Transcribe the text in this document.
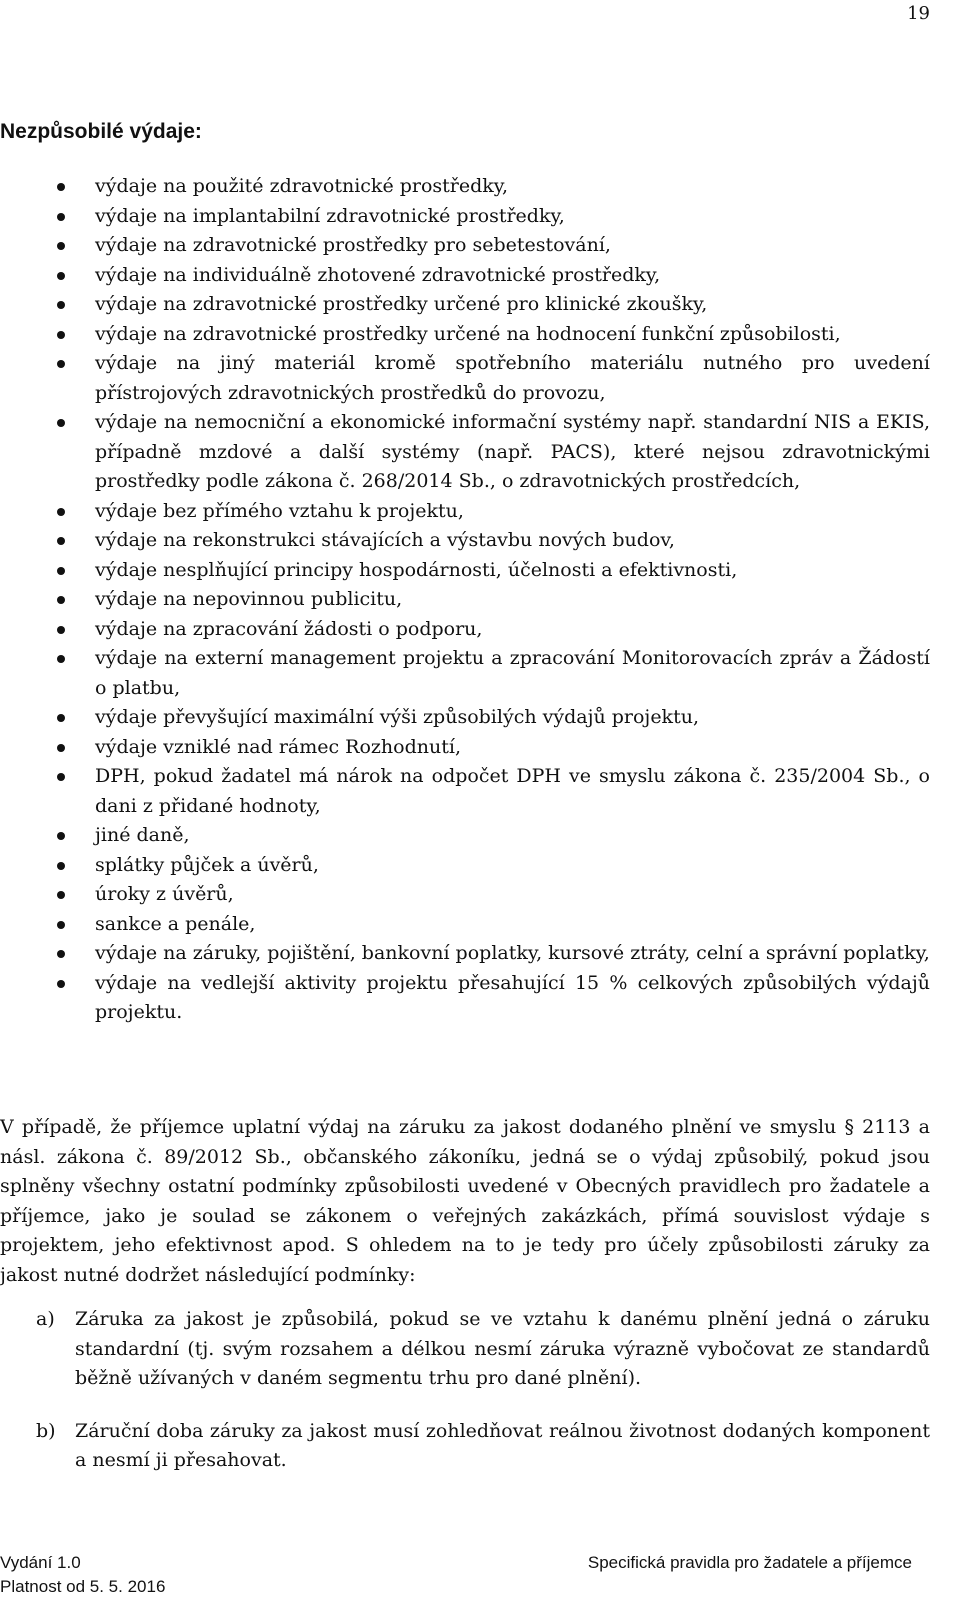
19
Nezpůsobilé výdaje:
výdaje na použité zdravotnické prostředky,
výdaje na implantabilní zdravotnické prostředky,
výdaje na zdravotnické prostředky pro sebetestování,
výdaje na individuálně zhotovené zdravotnické prostředky,
výdaje na zdravotnické prostředky určené pro klinické zkoušky,
výdaje na zdravotnické prostředky určené na hodnocení funkční způsobilosti,
výdaje na jiný materiál kromě spotřebního materiálu nutného pro uvedení přístrojových zdravotnických prostředků do provozu,
výdaje na nemocniční a ekonomické informační systémy např. standardní NIS a EKIS, případně mzdové a další systémy (např. PACS), které nejsou zdravotnickými prostředky podle zákona č. 268/2014 Sb., o zdravotnických prostředcích,
výdaje bez přímého vztahu k projektu,
výdaje na rekonstrukci stávajících a výstavbu nových budov,
výdaje nesplňující principy hospodárnosti, účelnosti a efektivnosti,
výdaje na nepovinnou publicitu,
výdaje na zpracování žádosti o podporu,
výdaje na externí management projektu a zpracování Monitorovacích zpráv a Žádostí o platbu,
výdaje převyšující maximální výši způsobilých výdajů projektu,
výdaje vzniklé nad rámec Rozhodnutí,
DPH, pokud žadatel má nárok na odpočet DPH ve smyslu zákona č. 235/2004 Sb., o dani z přidané hodnoty,
jiné daně,
splátky půjček a úvěrů,
úroky z úvěrů,
sankce a penále,
výdaje na záruky, pojištění, bankovní poplatky, kursové ztráty, celní a správní poplatky,
výdaje na vedlejší aktivity projektu přesahující 15 % celkových způsobilých výdajů projektu.

V případě, že příjemce uplatní výdaj na záruku za jakost dodaného plnění ve smyslu § 2113 a násl. zákona č. 89/2012 Sb., občanského zákoníku, jedná se o výdaj způsobilý, pokud jsou splněny všechny ostatní podmínky způsobilosti uvedené v Obecných pravidlech pro žadatele a příjemce, jako je soulad se zákonem o veřejných zakázkách, přímá souvislost výdaje s projektem, jeho efektivnost apod. S ohledem na to je tedy pro účely způsobilosti záruky za jakost nutné dodržet následující podmínky:

a) Záruka za jakost je způsobilá, pokud se ve vztahu k danému plnění jedná o záruku standardní (tj. svým rozsahem a délkou nesmí záruka výrazně vybočovat ze standardů běžně užívaných v daném segmentu trhu pro dané plnění).
b) Záruční doba záruky za jakost musí zohledňovat reálnou životnost dodaných komponent a nesmí ji přesahovat.
Vydání 1.0
Platnost od 5. 5. 2016
Specifická pravidla pro žadatele a příjemce
